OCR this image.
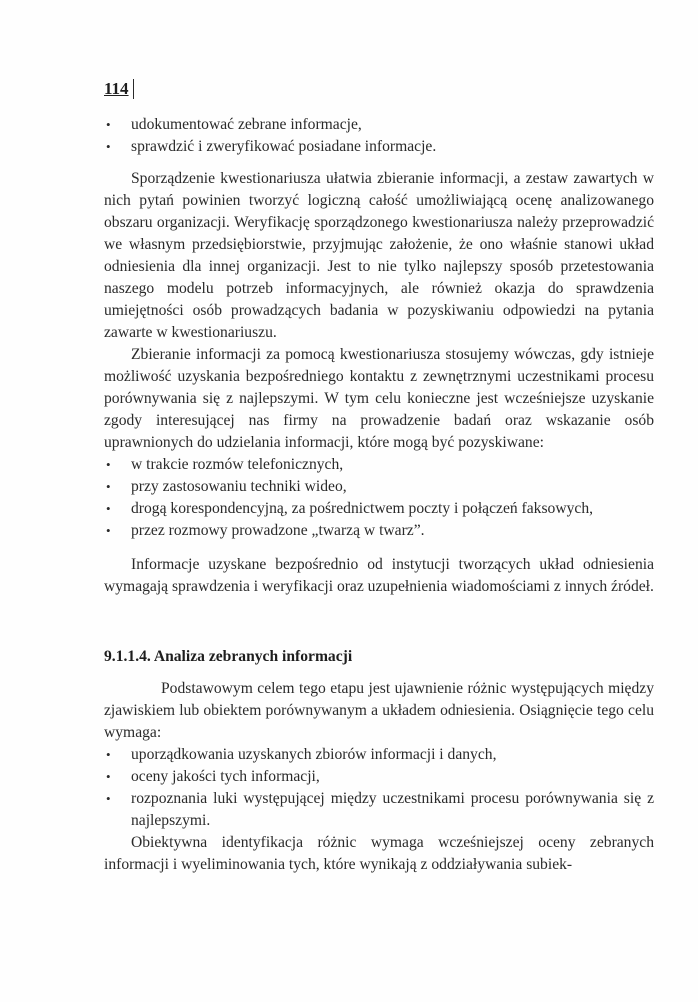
114
• udokumentować zebrane informacje,
• sprawdzić i zweryfikować posiadane informacje.

Sporządzenie kwestionariusza ułatwia zbieranie informacji, a zestaw zawartych w nich pytań powinien tworzyć logiczną całość umożliwiającą ocenę analizowanego obszaru organizacji. Weryfikację sporządzonego kwestionariusza należy przeprowadzić we własnym przedsiębiorstwie, przyjmując założenie, że ono właśnie stanowi układ odniesienia dla innej organizacji. Jest to nie tylko najlepszy sposób przetestowania naszego modelu potrzeb informacyjnych, ale również okazja do sprawdzenia umiejętności osób prowadzących badania w pozyskiwaniu odpowiedzi na pytania zawarte w kwestionariuszu.

Zbieranie informacji za pomocą kwestionariusza stosujemy wówczas, gdy istnieje możliwość uzyskania bezpośredniego kontaktu z zewnętrznymi uczestnikami procesu porównywania się z najlepszymi. W tym celu konieczne jest wcześniejsze uzyskanie zgody interesującej nas firmy na prowadzenie badań oraz wskazanie osób uprawnionych do udzielania informacji, które mogą być pozyskiwane:

• w trakcie rozmów telefonicznych,
• przy zastosowaniu techniki wideo,
• drogą korespondencyjną, za pośrednictwem poczty i połączeń faksowych,
• przez rozmowy prowadzone „twarzą w twarz”.

Informacje uzyskane bezpośrednio od instytucji tworzących układ odniesienia wymagają sprawdzenia i weryfikacji oraz uzupełnienia wiadomościami z innych źródeł.

9.1.1.4. Analiza zebranych informacji

Podstawowym celem tego etapu jest ujawnienie różnic występujących między zjawiskiem lub obiektem porównywanym a układem odniesienia. Osiągnięcie tego celu wymaga:

• uporządkowania uzyskanych zbiorów informacji i danych,
• oceny jakości tych informacji,
• rozpoznania luki występującej między uczestnikami procesu porównywania się z najlepszymi.

Obiektywna identyfikacja różnic wymaga wcześniejszej oceny zebranych informacji i wyeliminowania tych, które wynikają z oddziaływania subiek-
